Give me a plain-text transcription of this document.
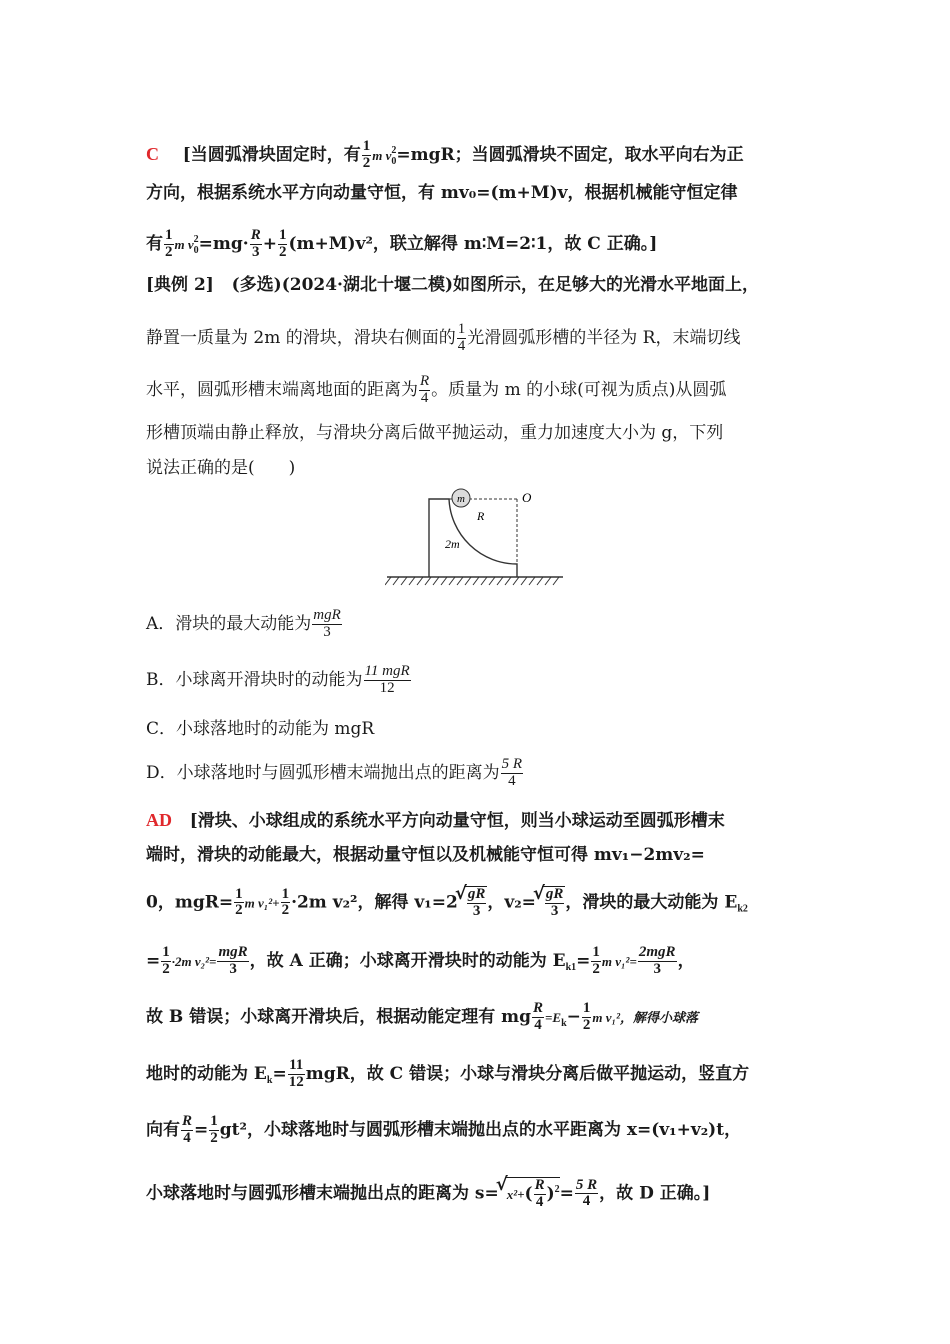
C [当圆弧滑块固定时，有 $\frac{1}{2}$ m $v^2_0=mgR$；当圆弧滑块不固定，取水平向右为正
方向，根据系统水平方向动量守恒，有 mv₀=(m+M)v，根据机械能守恒定律
有 $\frac{1}{2}$ m $v^2_0=mg\cdot \frac{R}{3} + \frac{1}{2} (m+M)v^2$，联立解得 m∶M=2∶1，故 C 正确。]
[典例 2] (多选)(2024·湖北十堰二模)如图所示，在足够大的光滑水平地面上，
静置一质量为 2m 的滑块，滑块右侧面的 $\frac{1}{4}$ 光滑圆弧形槽的半径为 R，末端切线
水平，圆弧形槽末端离地面的距离为 $\frac{R}{4}$ 。质量为 m 的小球(可视为质点)从圆弧
形槽顶端由静止释放，与滑块分离后做平抛运动，重力加速度大小为 g，下列
说法正确的是(　　)
m	O
R
2m
A．滑块的最大动能为 $\frac{\text{mgR}}{3}$
B．小球离开滑块时的动能为 $\frac{\text{11 mgR}}{12}$
C．小球落地时的动能为 mgR
D．小球落地时与圆弧形槽末端抛出点的距离为 $\frac{5 R}{4}$
AD [滑块、小球组成的系统水平方向动量守恒，则当小球运动至圆弧形槽末
端时，滑块的动能最大，根据动量守恒以及机械能守恒可得 mv₁−2mv₂=
0，$mgR= \frac{1}{2}$ m $v_1^2+ \frac{1}{2} \cdot 2m$ v₂²，解得 v₁=2 √ $\frac{gR}{3}$ ，v₂= √ $\frac{gR}{3}$ ，滑块的最大动能为 $E_{k2}$
= $\frac{1}{2} \cdot 2m$ $v_2^2= \frac{\text{mgR}}{3}$ ，故 A 正确；小球离开滑块时的动能为 $E_{k1}= \frac{1}{2}$ m $v_1^2= \frac{\text{2mgR}}{3}$ ，
故 B 错误；小球离开滑块后，根据动能定理有 mg $\frac{R}{4} =E_k- \frac{1}{2}$ m v₁²，解得小球落
地时的动能为 $E_k= \frac{11}{12}$ mgR，故 C 错误；小球与滑块分离后做平抛运动，竖直方
向有 $\frac{R}{4} = \frac{1}{2} gt^2$，小球落地时与圆弧形槽末端抛出点的水平距离为 x=(v₁+v₂)t，
小球落地时与圆弧形槽末端抛出点的距离为 s= √ $x^2+( \frac{R}{4} )^2= \frac{5 R}{4}$ ，故 D 正确。]
